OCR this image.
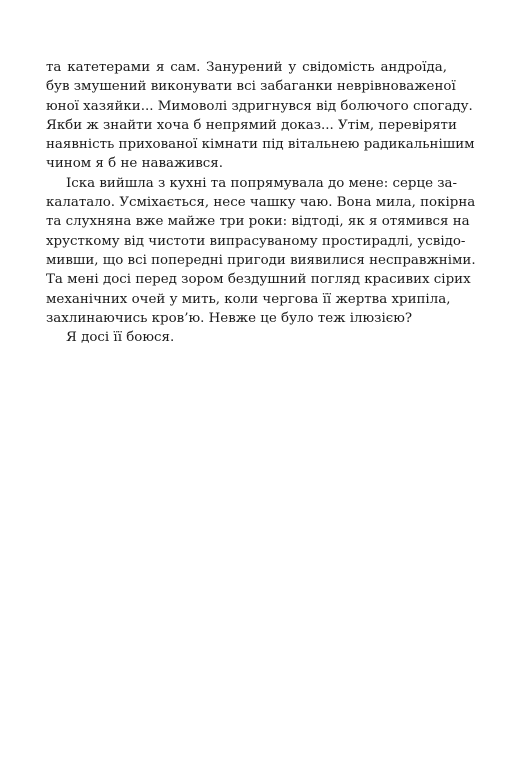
та катетерами я сам. Занурений у свідомість андроїда,
був змушений виконувати всі забаганки неврівноваженої
юної хазяйки... Мимоволі здригнувся від болючого спогаду.
Якби ж знайти хоча б непрямий доказ... Утім, перевіряти
наявність прихованої кімнати під вітальнею радикальнішим
чином я б не наважився.
Іска вийшла з кухні та попрямувала до мене: серце за-
калатало. Усміхається, несе чашку чаю. Вона мила, покірна
та слухняна вже майже три роки: відтоді, як я отямився на
хрусткому від чистоти випрасуваному простирадлі, усвідо-
мивши, що всі попередні пригоди виявилися несправжніми.
Та мені досі перед зором бездушний погляд красивих сірих
механічних очей у мить, коли чергова її жертва хрипіла,
захлинаючись кров’ю. Невже це було теж ілюзією?
Я досі її боюся.
